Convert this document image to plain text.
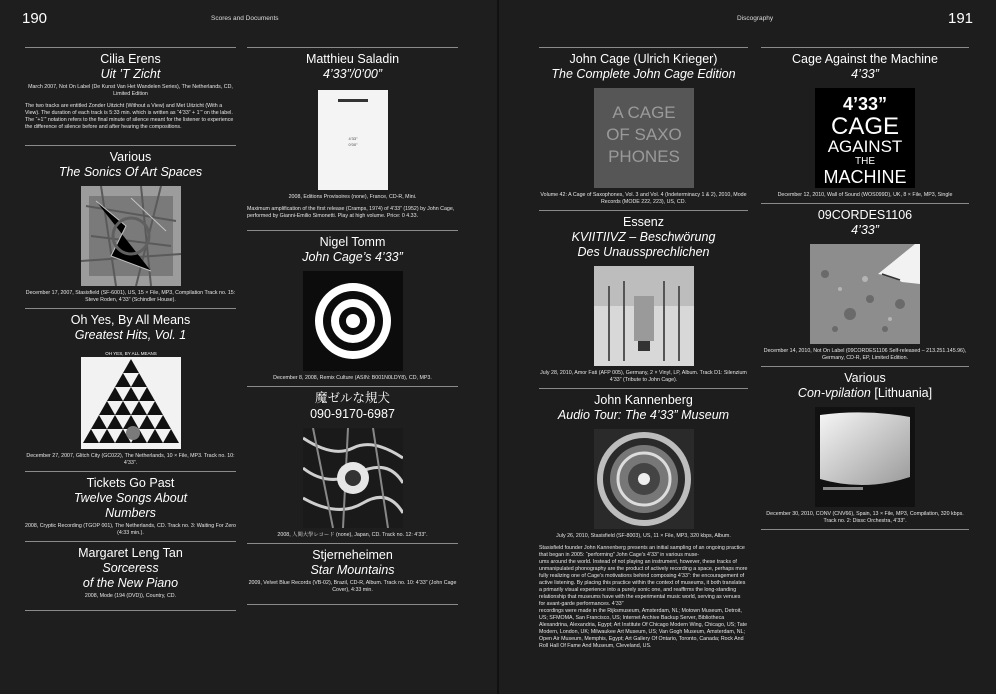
190	Scores and Documents
Cilia Erens
Uit ’T Zicht
March 2007, Not On Label (De Kunst Van Het Wandelen Series), The Netherlands, CD, Limited Edition
The two tracks are entitled Zonder Uitzicht (Without a View) and Met Uitzicht (With a View). The duration of each track is 5:33 min. which is written as “4’33” + 1’” on the label. The “+1’” notation refers to the final minute of silence meant for the listener to experience the difference of silence before and after hearing the compositions.
Various
The Sonics Of Art Spaces
December 17, 2007, Stasisfield (SF-6001), US, 15 × File, MP3, Compilation Track no. 15: Steve Roden, 4’33” (Schindler House).
Oh Yes, By All Means
Greatest Hits, Vol. 1
OH YES, BY ALL MEANS
December 27, 2007, Glitch City (GC022), The Netherlands, 10 × File, MP3. Track no. 10: 4’33”.
Tickets Go Past
Twelve Songs About
Numbers
2008, Cryptic Recording (TGOP 001), The Netherlands, CD. Track no. 3: Waiting For Zero (4:33 min.).
Margaret Leng Tan
Sorceress
of the New Piano
2008, Mode (194 (DVD)), Country, CD.
Matthieu Saladin
4’33”/0’00”
4’33”
0’00”
2008, Editions Provisoires (none), France, CD-R, Mini.
Maximum amplification of the first release (Cramps, 1974) of 4’33” (1952) by John Cage, performed by Gianni-Emilio Simonetti. Play at high volume. Price: 0 4.33.
Nigel Tomm
John Cage’s 4’33”
December 8, 2008, Remix Culture (ASIN: B001N0LDY8), CD, MP3.
魔ゼルな規犬
090-9170-6987
2008, 人間大學レコード (none), Japan, CD. Track no. 12: 4’33”.
Stjerneheimen
Star Mountains
2009, Velvet Blue Records (VB-02), Brazil, CD-R, Album. Track no. 10: 4’33” (John Cage Cover), 4:33 min.
Discography	191
John Cage (Ulrich Krieger)
The Complete John Cage Edition
A CAGE
OF SAXO
PHONES
Volume 42: A Cage of Saxophones, Vol. 3 and Vol. 4 (Indeterminacy 1 & 2), 2010, Mode Records (MODE 222, 223), US, CD.
Essenz
KVIITIIVZ – Beschwörung
Des Unaussprechlichen
July 28, 2010, Amor Fati (AFP 005), Germany, 2 × Vinyl, LP, Album. Track D1: Silenzium 4’33” (Tribute to John Cage).
John Kannenberg
Audio Tour: The 4’33” Museum
July 26, 2010, Stasisfield (SF-8003), US, 11 × File, MP3, 320 kbps, Album.
Stasisfield founder John Kannenberg presents an initial sampling of an ongoing practice that began in 2005: “performing” John Cage’s 4’33” in various muse-
ums around the world. Instead of not playing an instrument, however, these tracks of unmanipulated phonography are the product of actively recording a space, perhaps more fully realizing one of Cage’s motivations behind composing 4’33”: the encouragement of active listening. By placing this practice within the context of museums, it both translates a primarily visual experience into a purely sonic one, and reaffirms the long-standing relationship that museums have with the experimental music world, serving as venues for avant-garde performances. 4’33”
recordings were made in the Rijksmuseum, Amsterdam, NL; Motown Museum, Detroit, US; SFMOMA, San Francisco, US; Internet Archive Backup Server, Bibliotheca Alexandrina, Alexandria, Egypt; Art Institute Of Chicago Modern Wing, Chicago, US; Tate Modern, London, UK; Milwaukee Art Museum, US; Van Gogh Museum, Amsterdam, NL; Open Air Museum, Memphis, Egypt; Art Gallery Of Ontario, Toronto, Canada; Rock And Roll Hall Of Fame And Museum, Cleveland, US.
Cage Against the Machine
4’33”
4’33”
CAGE
AGAINST
THE
MACHINE
December 12, 2010, Wall of Sound (WOS099D), UK, 8 × File, MP3, Single
09CORDES1106
4’33”
December 14, 2010, Not On Label (09CORDES1106 Self-released – 213.251.145.96), Germany, CD-R, EP, Limited Edition.
Various
Con-vpilation [Lithuania]
December 30, 2010, CONV (CNV66), Spain, 13 × File, MP3, Compilation, 320 kbps. Track no. 2: Dissc Orchestra, 4’33”.
